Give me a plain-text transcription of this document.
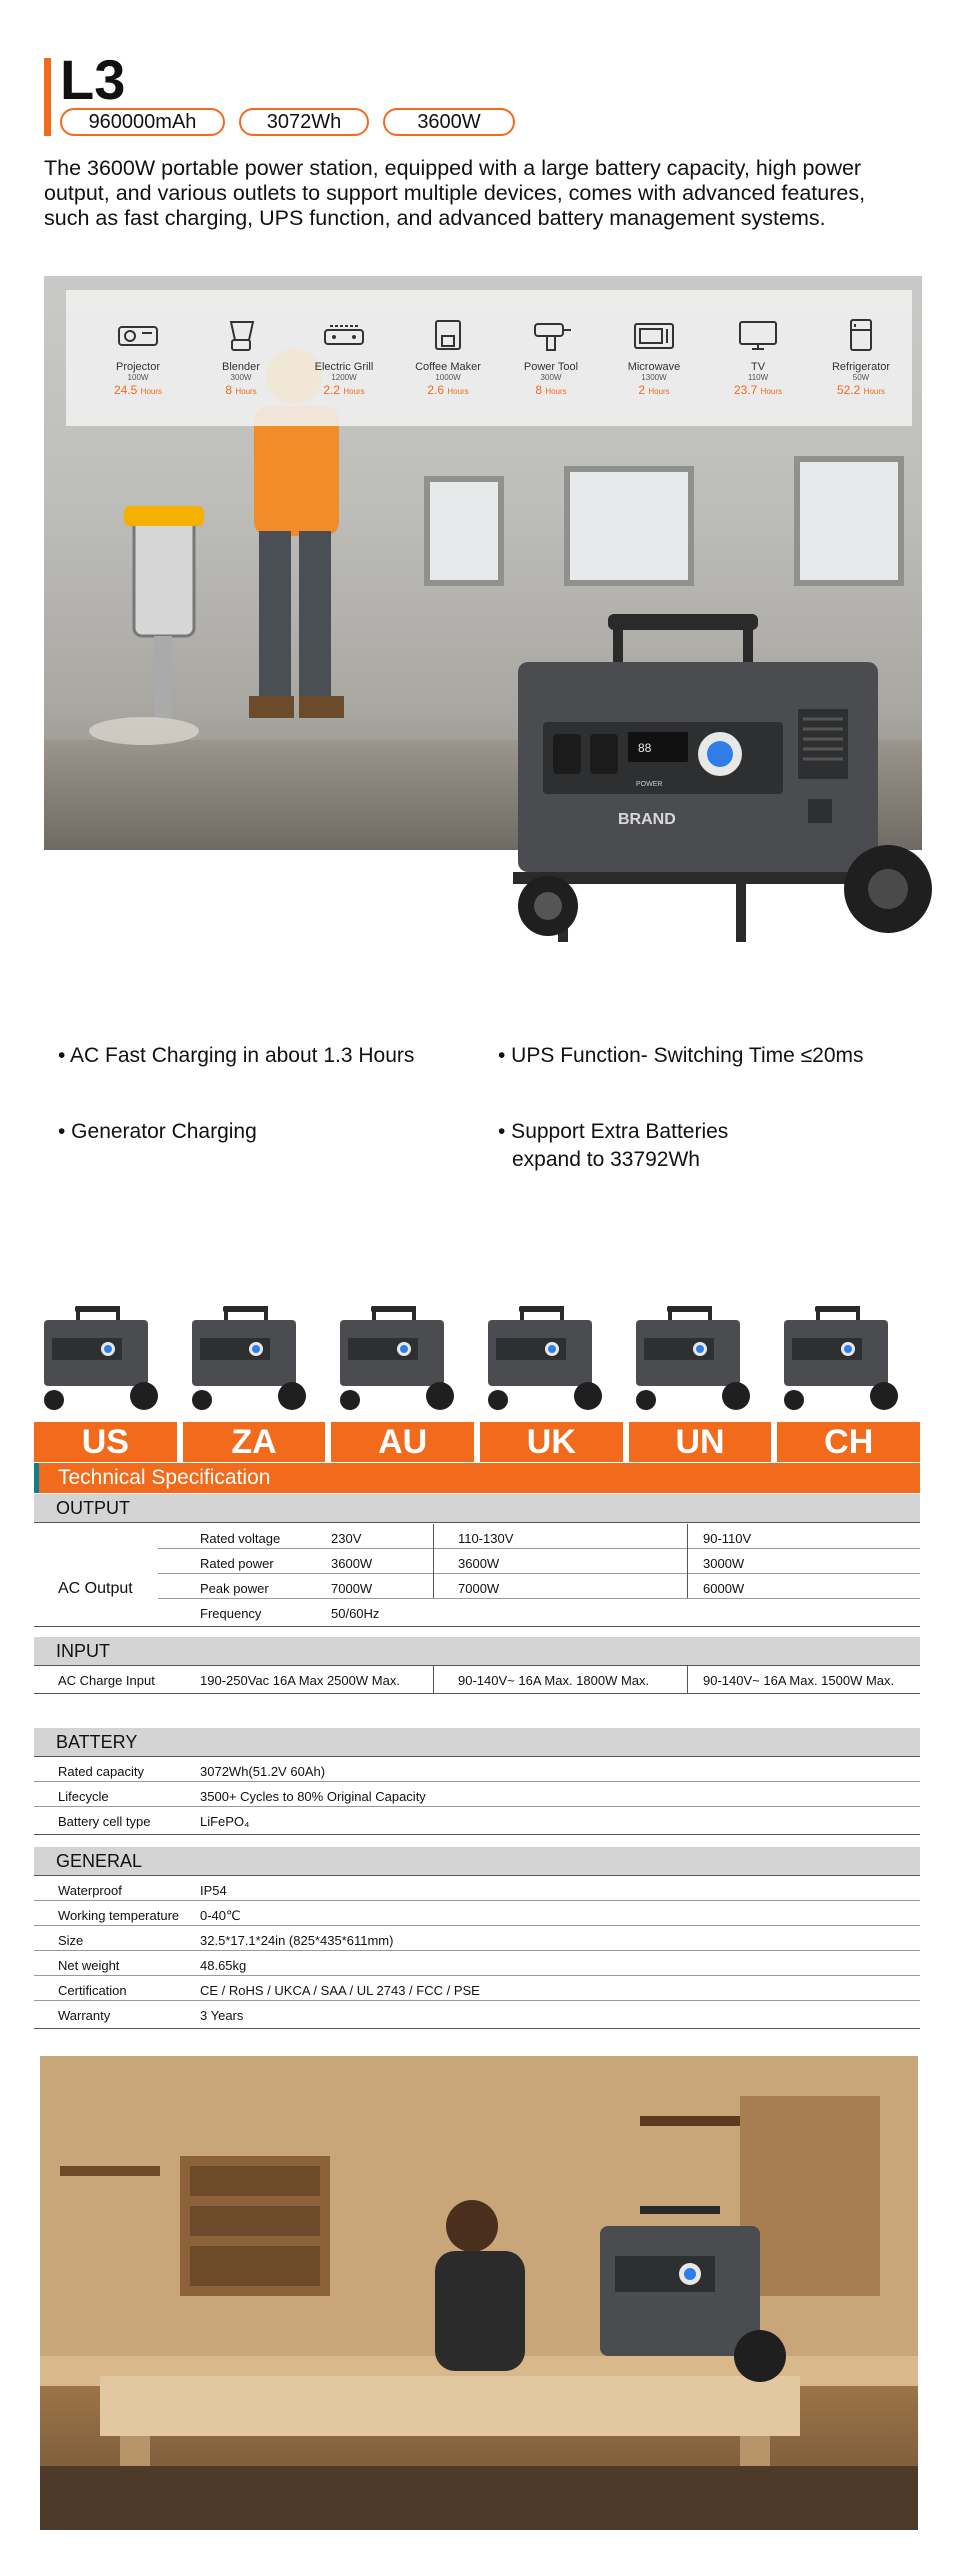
L3
960000mAh	3072Wh	3600W
The 3600W portable power station, equipped with a large battery capacity, high power output, and various outlets to support multiple devices, comes with advanced features, such as fast charging, UPS function, and advanced battery management systems.
Projector
100W
24.5 Hours
Blender
300W
8 Hours
Electric Grill
1200W
2.2 Hours
Coffee Maker
1000W
2.6 Hours
Power Tool
300W
8 Hours
Microwave
1300W
2 Hours
TV
110W
23.7 Hours
Refrigerator
50W
52.2 Hours
88
POWER
BRAND
• AC Fast Charging in about 1.3 Hours	• UPS Function- Switching Time ≤20ms
• Generator Charging	• Support Extra Batteries
expand to 33792Wh
US	ZA	AU	UK	UN	CH
Technical Specification
OUTPUT
AC Output
Rated voltage	230V	110-130V	90-110V
Rated power	3600W	3600W	3000W
Peak power	7000W	7000W	6000W
Frequency	50/60Hz
INPUT
AC Charge Input	190-250Vac 16A Max 2500W Max.	90-140V~ 16A Max. 1800W Max.	90-140V~ 16A Max. 1500W Max.
BATTERY
Rated capacity	3072Wh(51.2V 60Ah)
Lifecycle	3500+ Cycles to 80% Original Capacity
Battery cell type	LiFePO₄
GENERAL
Waterproof	IP54
Working temperature 0-40℃
Size	32.5*17.1*24in (825*435*611mm)
Net weight	48.65kg
Certification	CE / RoHS / UKCA / SAA / UL 2743 / FCC / PSE
Warranty	3 Years
